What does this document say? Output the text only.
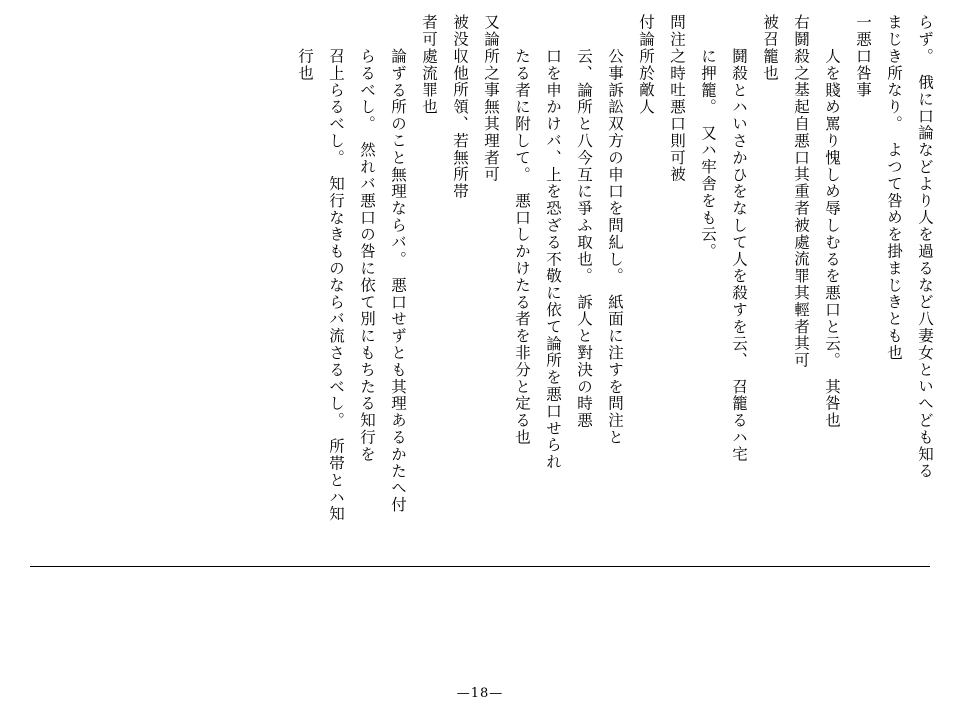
らず。　俄に口論などより人を過るなど八妻女といへども知る
まじき所なり。　よつて咎めを掛まじきとも也
一悪口咎事
　人を賤め罵り愧しめ辱しむるを悪口と云。　其咎也
右鬪殺之基起自悪口其重者被處流罪其輕者其可
被召籠也
　鬪殺とハいさかひをなして人を殺すを云、　召籠るハ宅
　に押籠。　又ハ牢舎をも云。
問注之時吐悪口則可被
付論所於敵人
　公事訴訟双方の申口を問糺し。　紙面に注すを問注と
　云、論所と八今互に爭ふ取也。　訴人と對決の時悪
　口を申かけバ、上を恐ざる不敬に依て論所を悪口せられ
　たる者に附して。　悪口しかけたる者を非分と定る也
又論所之事無其理者可
被没収他所領、若無所帯
者可處流罪也
　論ずる所のこと無理ならバ。　悪口せずとも其理あるかたへ付
　らるべし。　然れバ悪口の咎に依て別にもちたる知行を
　召上らるべし。　知行なきものならバ流さるべし。　所帯とハ知
　行也
—18—
